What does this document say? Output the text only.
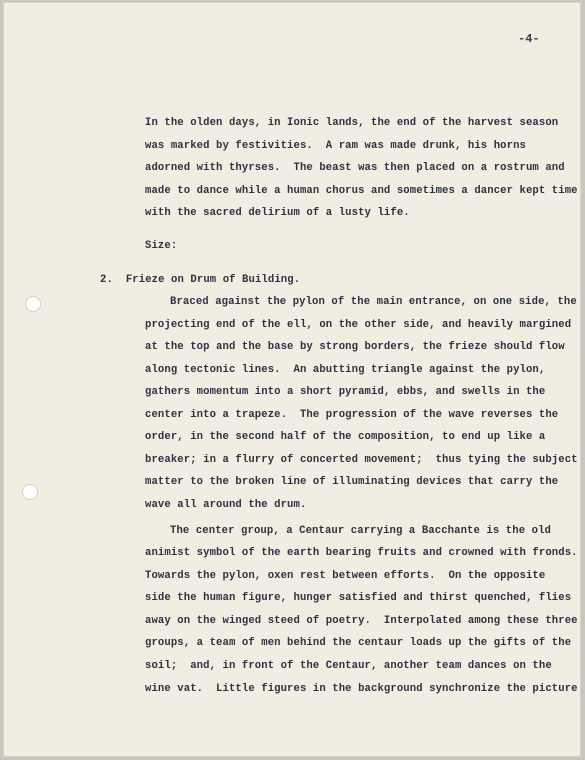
-4-
In the olden days, in Ionic lands, the end of the harvest season
was marked by festivities.  A ram was made drunk, his horns
adorned with thyrses.  The beast was then placed on a rostrum and
made to dance while a human chorus and sometimes a dancer kept time
with the sacred delirium of a lusty life.
Size:
2.  Frieze on Drum of Building.
Braced against the pylon of the main entrance, on one side, the
projecting end of the ell, on the other side, and heavily margined
at the top and the base by strong borders, the frieze should flow
along tectonic lines.  An abutting triangle against the pylon,
gathers momentum into a short pyramid, ebbs, and swells in the
center into a trapeze.  The progression of the wave reverses the
order, in the second half of the composition, to end up like a
breaker; in a flurry of concerted movement;  thus tying the subject
matter to the broken line of illuminating devices that carry the
wave all around the drum.
The center group, a Centaur carrying a Bacchante is the old
animist symbol of the earth bearing fruits and crowned with fronds.
Towards the pylon, oxen rest between efforts.  On the opposite
side the human figure, hunger satisfied and thirst quenched, flies
away on the winged steed of poetry.  Interpolated among these three
groups, a team of men behind the centaur loads up the gifts of the
soil;  and, in front of the Centaur, another team dances on the
wine vat.  Little figures in the background synchronize the picture
